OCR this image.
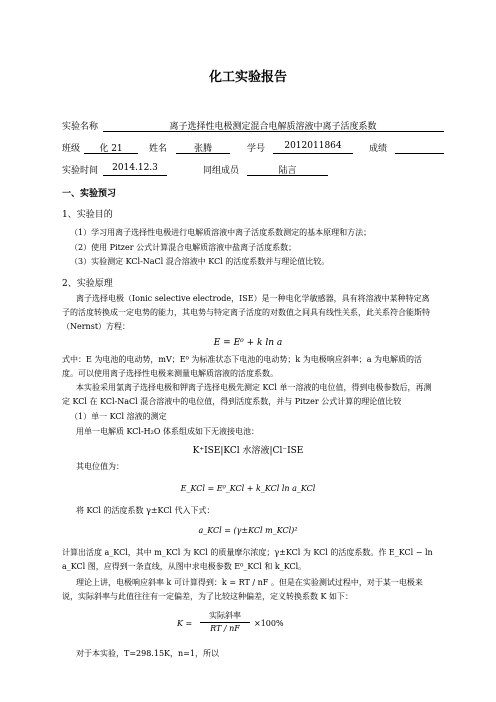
化工实验报告
实验名称	离子选择性电极测定混合电解质溶液中离子活度系数
班级	化 21	姓名	张腾	学号	2012011864	成绩
实验时间	2014.12.3	同组成员	陆言
一、实验预习
1、实验目的
（1）学习用离子选择性电极进行电解质溶液中离子活度系数测定的基本原理和方法；
（2）使用 Pitzer 公式计算混合电解质溶液中盐离子活度系数；
（3）实验测定 KCl-NaCl 混合溶液中 KCl 的活度系数并与理论值比较。
2、实验原理
离子选择电极（Ionic selective electrode，ISE）是一种电化学敏感器，具有将溶液中某种特定离子的活度转换成一定电势的能力，其电势与特定离子活度的对数值之间具有线性关系，此关系符合能斯特（Nernst）方程：
E = E⁰ + k ln a
式中：E 为电池的电动势，mV；E⁰ 为标准状态下电池的电动势；k 为电极响应斜率；a 为电解质的活度。可以使用离子选择性电极来测量电解质溶液的活度系数。
本实验采用氯离子选择电极和钾离子选择电极先测定 KCl 单一溶液的电位值，得到电极参数后，再测定 KCl 在 KCl-NaCl 混合溶液中的电位值，得到活度系数，并与 Pitzer 公式计算的理论值比较
（1）单一 KCl 溶液的测定
用单一电解质 KCl-H₂O 体系组成如下无液接电池：
K⁺ISE|KCl 水溶液|Cl⁻ISE
其电位值为：
E_KCl = E⁰_KCl + k_KCl ln a_KCl
将 KCl 的活度系数 γ±KCl 代入下式：
a_KCl = (γ±KCl m_KCl)²
计算出活度 a_KCl，其中 m_KCl 为 KCl 的质量摩尔浓度；γ±KCl 为 KCl 的活度系数。作 E_KCl − ln a_KCl 图，应得到一条直线，从图中求电极参数 E⁰_KCl 和 k_KCl。
理论上讲，电极响应斜率 k 可计算得到：k = RT / nF 。但是在实验测试过程中，对于某一电极来说，实际斜率与此值往往有一定偏差，为了比较这种偏差，定义转换系数 K 如下：
K =
实际斜率
RT / nF
×100%
对于本实验，T=298.15K，n=1，所以
